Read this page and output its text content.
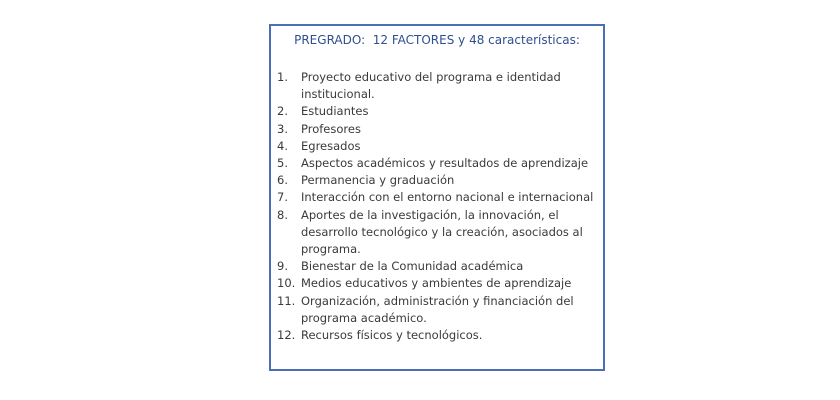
PREGRADO:  12 FACTORES y 48 características:
1.	Proyecto educativo del programa e identidad institucional.
2.	Estudiantes
3.	Profesores
4.	Egresados
5.	Aspectos académicos y resultados de aprendizaje
6.	Permanencia y graduación
7.	Interacción con el entorno nacional e internacional
8.	Aportes de la investigación, la innovación, el desarrollo tecnológico y la creación, asociados al programa.
9.	Bienestar de la Comunidad académica
10. Medios educativos y ambientes de aprendizaje
11. Organización, administración y financiación del programa académico.
12. Recursos físicos y tecnológicos.
